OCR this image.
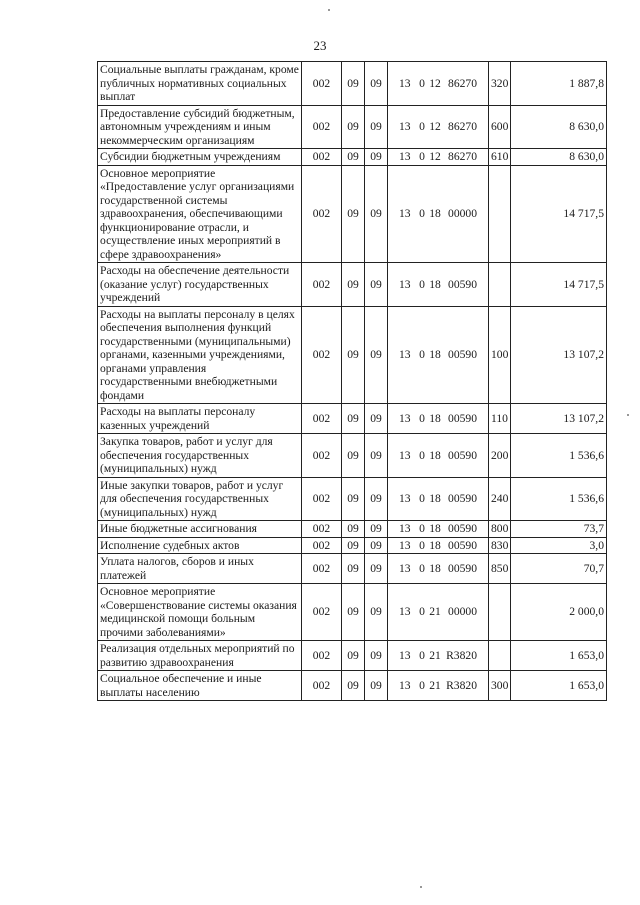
23
Социальные выплаты гражданам, кроме публичных нормативных социальных выплат	002	09	09	13 0 12 86270	320	1 887,8
Предоставление субсидий бюджетным, автономным учреждениям и иным некоммерческим организациям	002	09	09	13 0 12 86270	600	8 630,0
Субсидии бюджетным учреждениям	002	09	09	13 0 12 86270	610	8 630,0
Основное мероприятие «Предоставление услуг организациями государственной системы здравоохранения, обеспечивающими функционирование отрасли, и осуществление иных мероприятий в сфере здравоохранения»	002	09	09	13 0 18 00000		14 717,5
Расходы на обеспечение деятельности (оказание услуг) государственных учреждений	002	09	09	13 0 18 00590		14 717,5
Расходы на выплаты персоналу в целях обеспечения выполнения функций государственными (муниципальными) органами, казенными учреждениями, органами управления государственными внебюджетными фондами	002	09	09	13 0 18 00590	100	13 107,2
Расходы на выплаты персоналу казенных учреждений	002	09	09	13 0 18 00590	110	13 107,2
Закупка товаров, работ и услуг для обеспечения государственных (муниципальных) нужд	002	09	09	13 0 18 00590	200	1 536,6
Иные закупки товаров, работ и услуг для обеспечения государственных (муниципальных) нужд	002	09	09	13 0 18 00590	240	1 536,6
Иные бюджетные ассигнования	002	09	09	13 0 18 00590	800	73,7
Исполнение судебных актов	002	09	09	13 0 18 00590	830	3,0
Уплата налогов, сборов и иных платежей	002	09	09	13 0 18 00590	850	70,7
Основное мероприятие «Совершенствование системы оказания медицинской помощи больным прочими заболеваниями»	002	09	09	13 0 21 00000		2 000,0
Реализация отдельных мероприятий по развитию здравоохранения	002	09	09	13 0 21 R3820		1 653,0
Социальное обеспечение и иные выплаты населению	002	09	09	13 0 21 R3820	300	1 653,0
